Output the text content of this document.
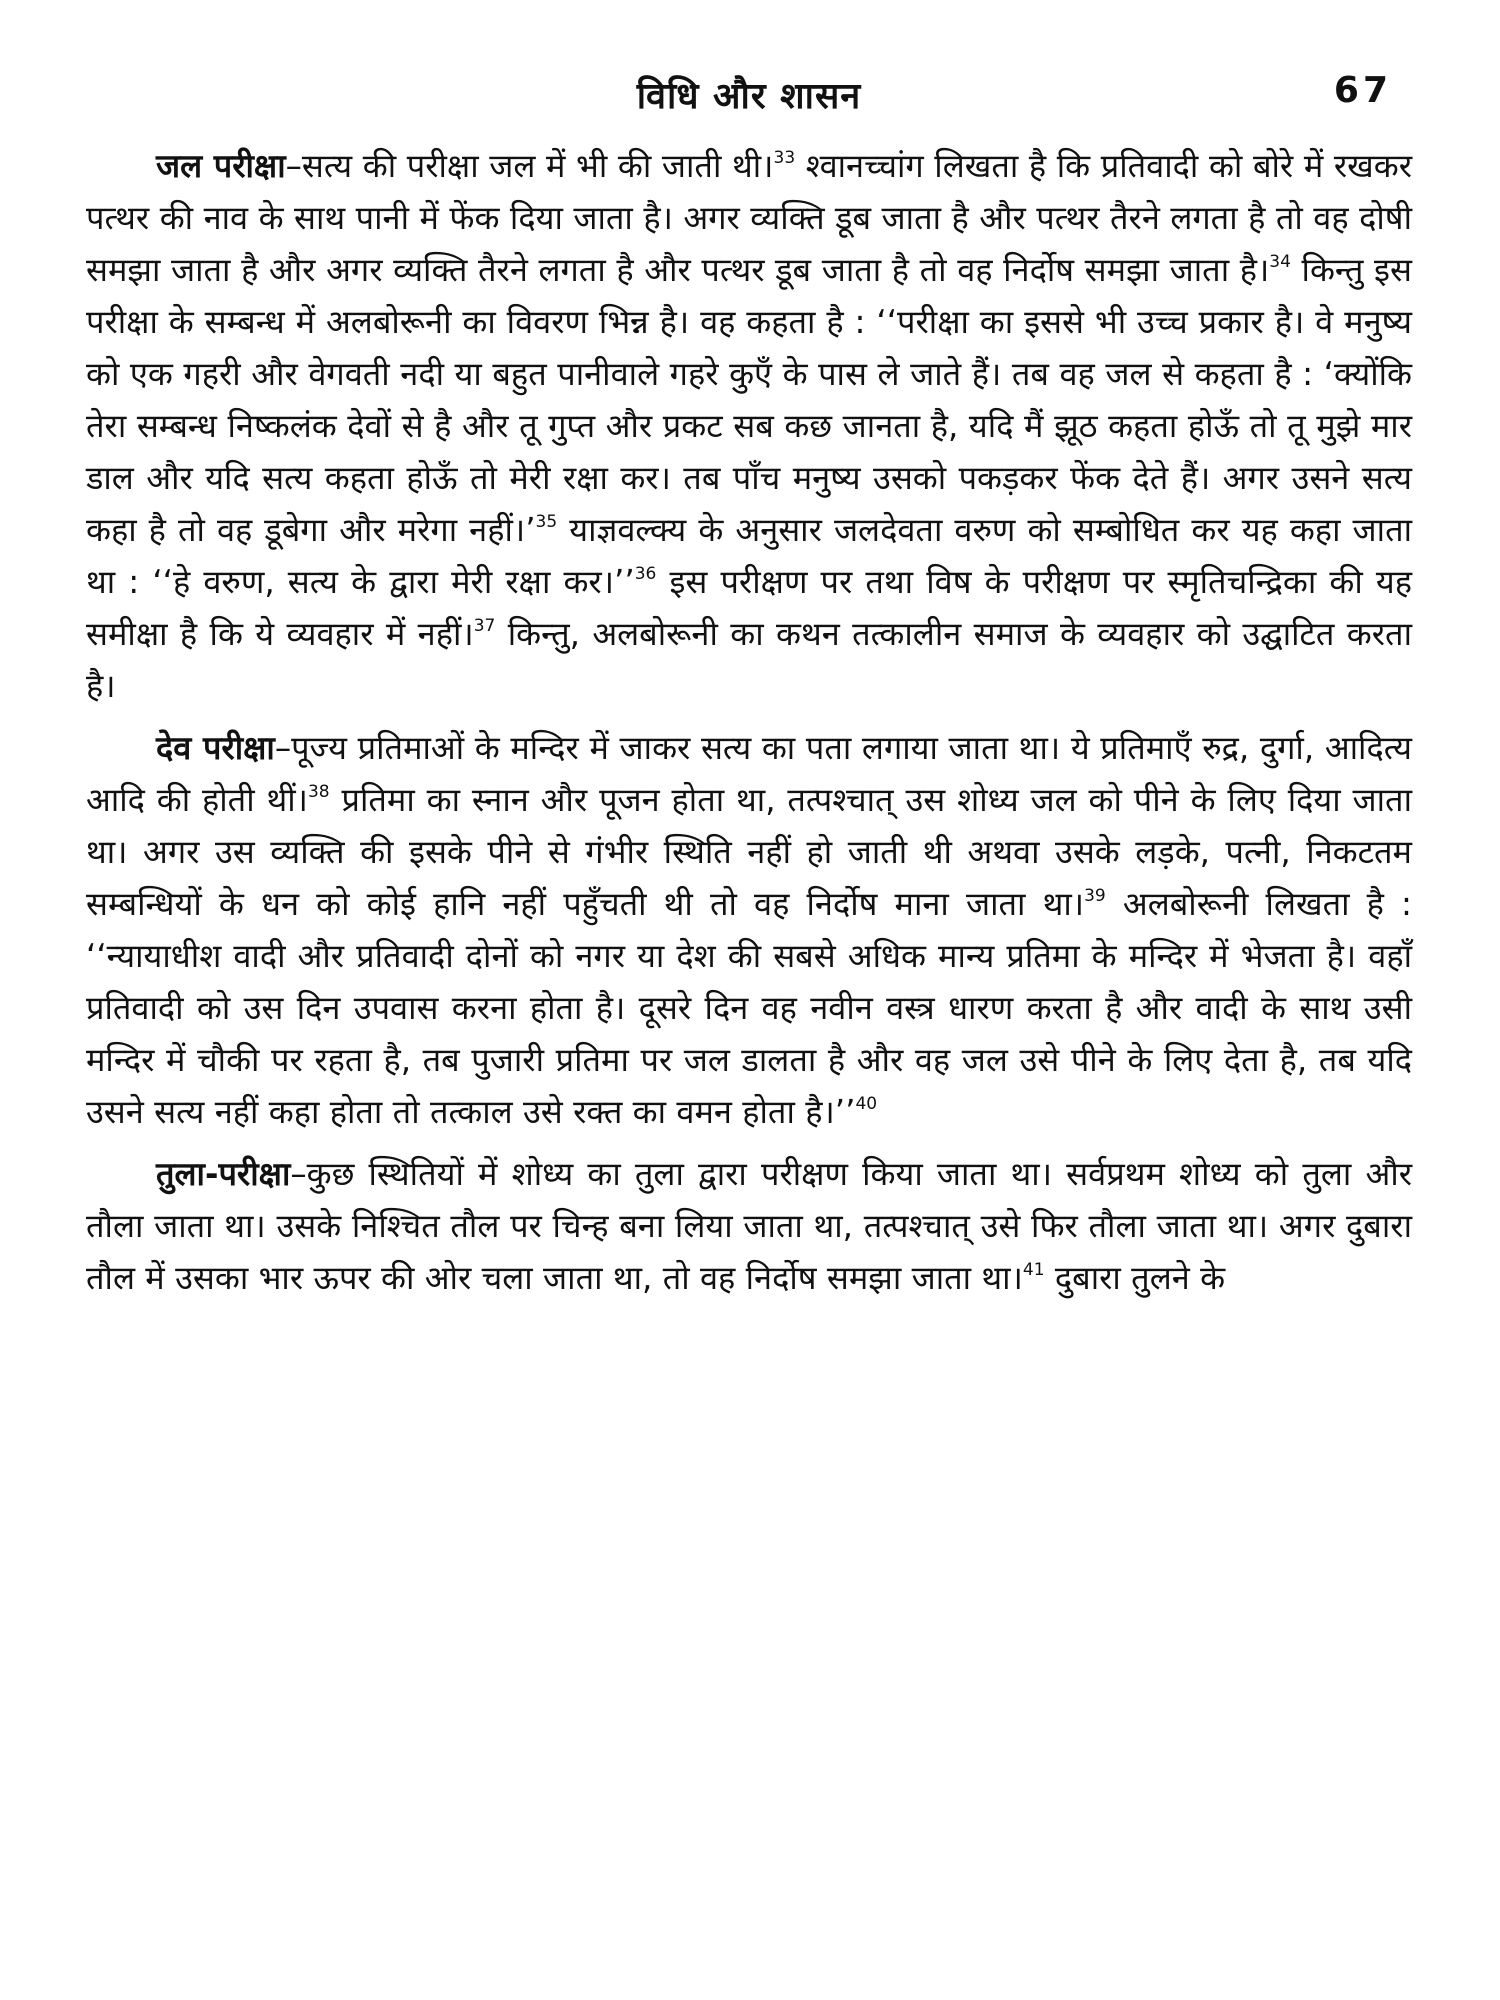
विधि और शासन	67

जल परीक्षा–सत्य की परीक्षा जल में भी की जाती थी।$^{33}$ श्वानच्चांग लिखता है कि प्रतिवादी को बोरे में रखकर पत्थर की नाव के साथ पानी में फेंक दिया जाता है। अगर व्यक्ति डूब जाता है और पत्थर तैरने लगता है तो वह दोषी समझा जाता है और अगर व्यक्ति तैरने लगता है और पत्थर डूब जाता है तो वह निर्दोष समझा जाता है।$^{34}$ किन्तु इस परीक्षा के सम्बन्ध में अलबोरूनी का विवरण भिन्न है। वह कहता है : ‘‘परीक्षा का इससे भी उच्च प्रकार है। वे मनुष्य को एक गहरी और वेगवती नदी या बहुत पानीवाले गहरे कुएँ के पास ले जाते हैं। तब वह जल से कहता है : ‘क्योंकि तेरा सम्बन्ध निष्कलंक देवों से है और तू गुप्त और प्रकट सब कछ जानता है, यदि मैं झूठ कहता होऊँ तो तू मुझे मार डाल और यदि सत्य कहता होऊँ तो मेरी रक्षा कर। तब पाँच मनुष्य उसको पकड़कर फेंक देते हैं। अगर उसने सत्य कहा है तो वह डूबेगा और मरेगा नहीं।’$^{35}$ याज्ञवल्क्य के अनुसार जलदेवता वरुण को सम्बोधित कर यह कहा जाता था : ‘‘हे वरुण, सत्य के द्वारा मेरी रक्षा कर।’’$^{36}$ इस परीक्षण पर तथा विष के परीक्षण पर स्मृतिचन्द्रिका की यह समीक्षा है कि ये व्यवहार में नहीं।$^{37}$ किन्तु, अलबोरूनी का कथन तत्कालीन समाज के व्यवहार को उद्घाटित करता है।

देव परीक्षा–पूज्य प्रतिमाओं के मन्दिर में जाकर सत्य का पता लगाया जाता था। ये प्रतिमाएँ रुद्र, दुर्गा, आदित्य आदि की होती थीं।$^{38}$ प्रतिमा का स्नान और पूजन होता था, तत्पश्चात् उस शोध्य जल को पीने के लिए दिया जाता था। अगर उस व्यक्ति की इसके पीने से गंभीर स्थिति नहीं हो जाती थी अथवा उसके लड़के, पत्नी, निकटतम सम्बन्धियों के धन को कोई हानि नहीं पहुँचती थी तो वह निर्दोष माना जाता था।$^{39}$ अलबोरूनी लिखता है : ‘‘न्यायाधीश वादी और प्रतिवादी दोनों को नगर या देश की सबसे अधिक मान्य प्रतिमा के मन्दिर में भेजता है। वहाँ प्रतिवादी को उस दिन उपवास करना होता है। दूसरे दिन वह नवीन वस्त्र धारण करता है और वादी के साथ उसी मन्दिर में चौकी पर रहता है, तब पुजारी प्रतिमा पर जल डालता है और वह जल उसे पीने के लिए देता है, तब यदि उसने सत्य नहीं कहा होता तो तत्काल उसे रक्त का वमन होता है।’’$^{40}$

तुला-परीक्षा–कुछ स्थितियों में शोध्य का तुला द्वारा परीक्षण किया जाता था। सर्वप्रथम शोध्य को तुला और तौला जाता था। उसके निश्चित तौल पर चिन्ह बना लिया जाता था, तत्पश्चात् उसे फिर तौला जाता था। अगर दुबारा तौल में उसका भार ऊपर की ओर चला जाता था, तो वह निर्दोष समझा जाता था।$^{41}$ दुबारा तुलने के
